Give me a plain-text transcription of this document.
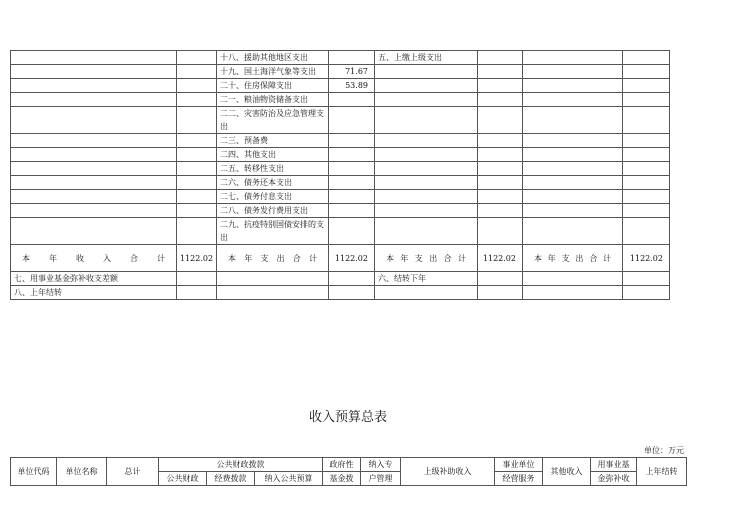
		十八、援助其他地区支出		五、上缴上级支出			
		十九、国土海洋气象等支出	71.67				
		二十、住房保障支出	53.89				
		二一、粮油物资储备支出					
		二二、灾害防治及应急管理支出					
		二三、预备费					
		二四、其他支出					
		二五、转移性支出					
		二六、债务还本支出					
		二七、债务付息支出					
		二八、债务发行费用支出					
		二九、抗疫特别国债安排的支出					

本年收入合计	1122.02	本年支出合计	1122.02	本年支出合计	1122.02	本年支出合计	1122.02
七、用事业基金弥补收支差额				六、结转下年			
八、上年结转							
收入预算总表
单位：万元
单位代码	单位名称	总计	公共财政拨款			政府性	纳入专	上级补助收入	事业单位	其他收入	用事业基	上年结转
			公共财政	经费拨款	纳入公共预算	基金拨	户管理		经营服务		金弥补收	
